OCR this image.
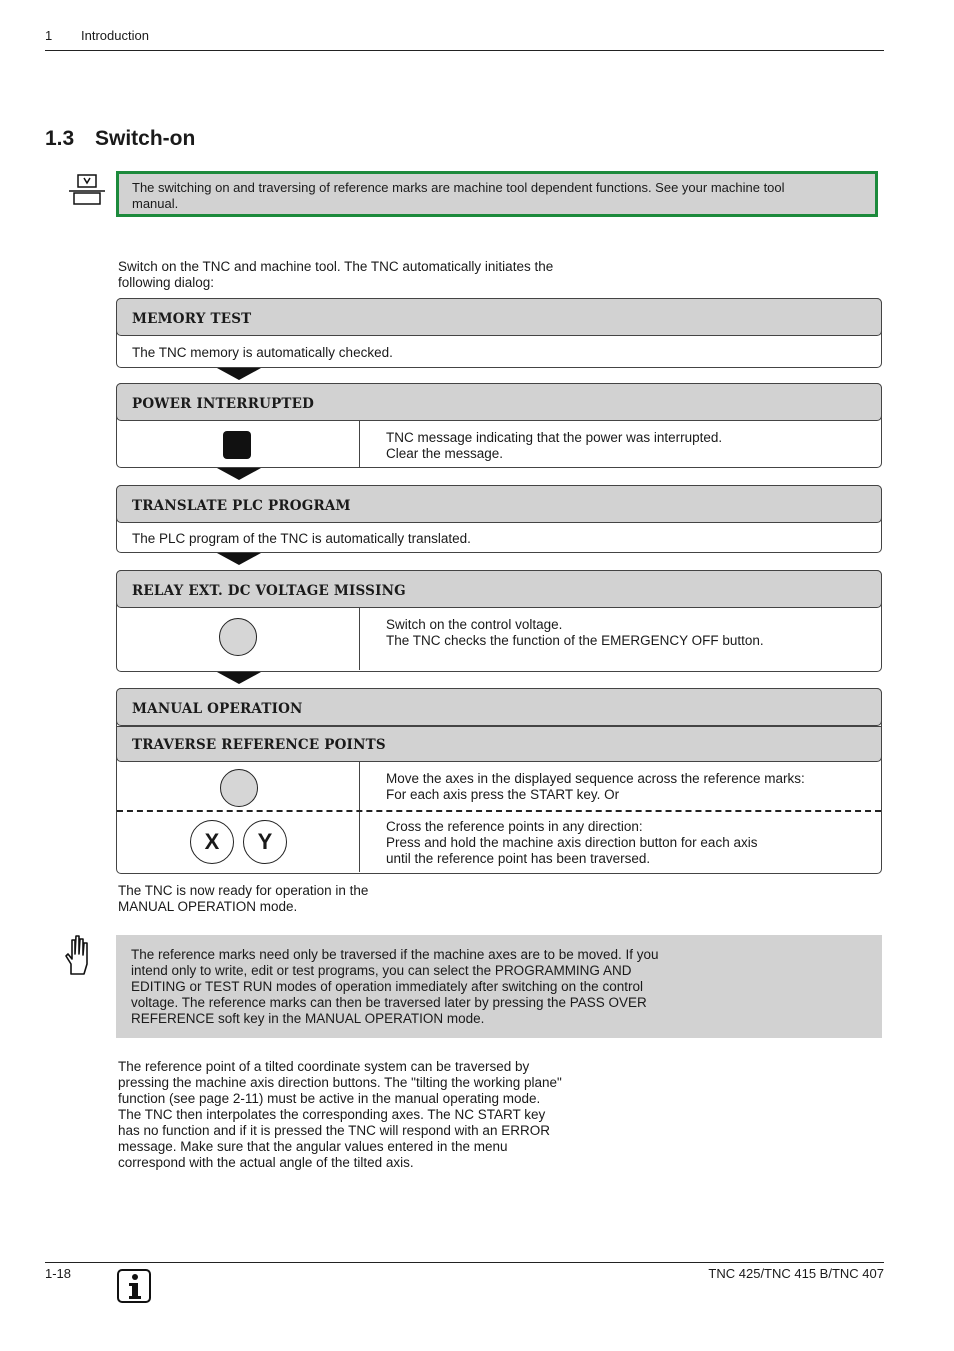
1 Introduction
1.3 Switch-on
The switching on and traversing of reference marks are machine tool dependent functions. See your machine tool
manual.
Switch on the TNC and machine tool. The TNC automatically initiates the
following dialog:
MEMORY TEST
The TNC memory is automatically checked.
POWER INTERRUPTED
TNC message indicating that the power was interrupted.
Clear the message.
TRANSLATE PLC PROGRAM
The PLC program of the TNC is automatically translated.
RELAY EXT. DC VOLTAGE MISSING
Switch on the control voltage.
The TNC checks the function of the EMERGENCY OFF button.
MANUAL OPERATION
TRAVERSE REFERENCE POINTS
Move the axes in the displayed sequence across the reference marks:
For each axis press the START key. Or
X	Y
Cross the reference points in any direction:
Press and hold the machine axis direction button for each axis
until the reference point has been traversed.
The TNC is now ready for operation in the
MANUAL OPERATION mode.
The reference marks need only be traversed if the machine axes are to be moved. If you
intend only to write, edit or test programs, you can select the PROGRAMMING AND
EDITING or TEST RUN modes of operation immediately after switching on the control
voltage. The reference marks can then be traversed later by pressing the PASS OVER
REFERENCE soft key in the MANUAL OPERATION mode.
The reference point of a tilted coordinate system can be traversed by
pressing the machine axis direction buttons. The "tilting the working plane"
function (see page 2-11) must be active in the manual operating mode.
The TNC then interpolates the corresponding axes. The NC START key
has no function and if it is pressed the TNC will respond with an ERROR
message. Make sure that the angular values entered in the menu
correspond with the actual angle of the tilted axis.
1-18	TNC 425/TNC 415 B/TNC 407
